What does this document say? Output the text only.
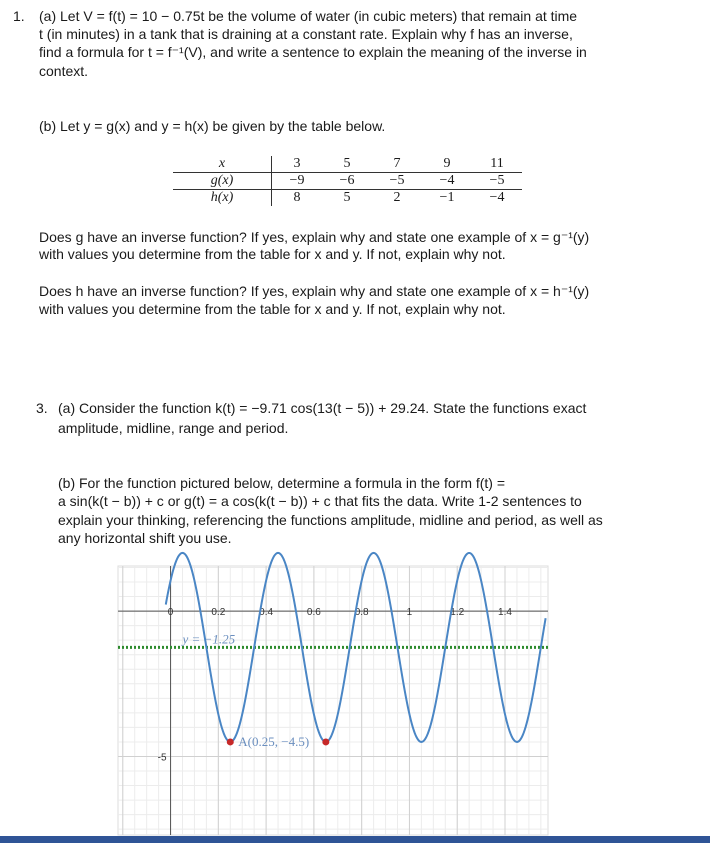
1. (a) Let V = f(t) = 10 − 0.75t be the volume of water (in cubic meters) that remain at time
t (in minutes) in a tank that is draining at a constant rate. Explain why f has an inverse,
find a formula for t = f⁻¹(V), and write a sentence to explain the meaning of the inverse in
context.
(b) Let y = g(x) and y = h(x) be given by the table below.
x	3	5	7	9	11
g(x)	−9	−6	−5	−4	−5
h(x)	8	5	2	−1	−4
Does g have an inverse function? If yes, explain why and state one example of x = g⁻¹(y)
with values you determine from the table for x and y. If not, explain why not.
Does h have an inverse function? If yes, explain why and state one example of x = h⁻¹(y)
with values you determine from the table for x and y. If not, explain why not.
3. (a) Consider the function k(t) = −9.71 cos(13(t − 5)) + 29.24. State the functions exact
amplitude, midline, range and period.
(b) For the function pictured below, determine a formula in the form f(t) =
a sin(k(t − b)) + c or g(t) = a cos(k(t − b)) + c that fits the data. Write 1-2 sentences to
explain your thinking, referencing the functions amplitude, midline and period, as well as
any horizontal shift you use.
0	0.2	0.4	0.6	0.8	1	1.2	1.4
-5
y = −1.25
A(0.25, −4.5)
